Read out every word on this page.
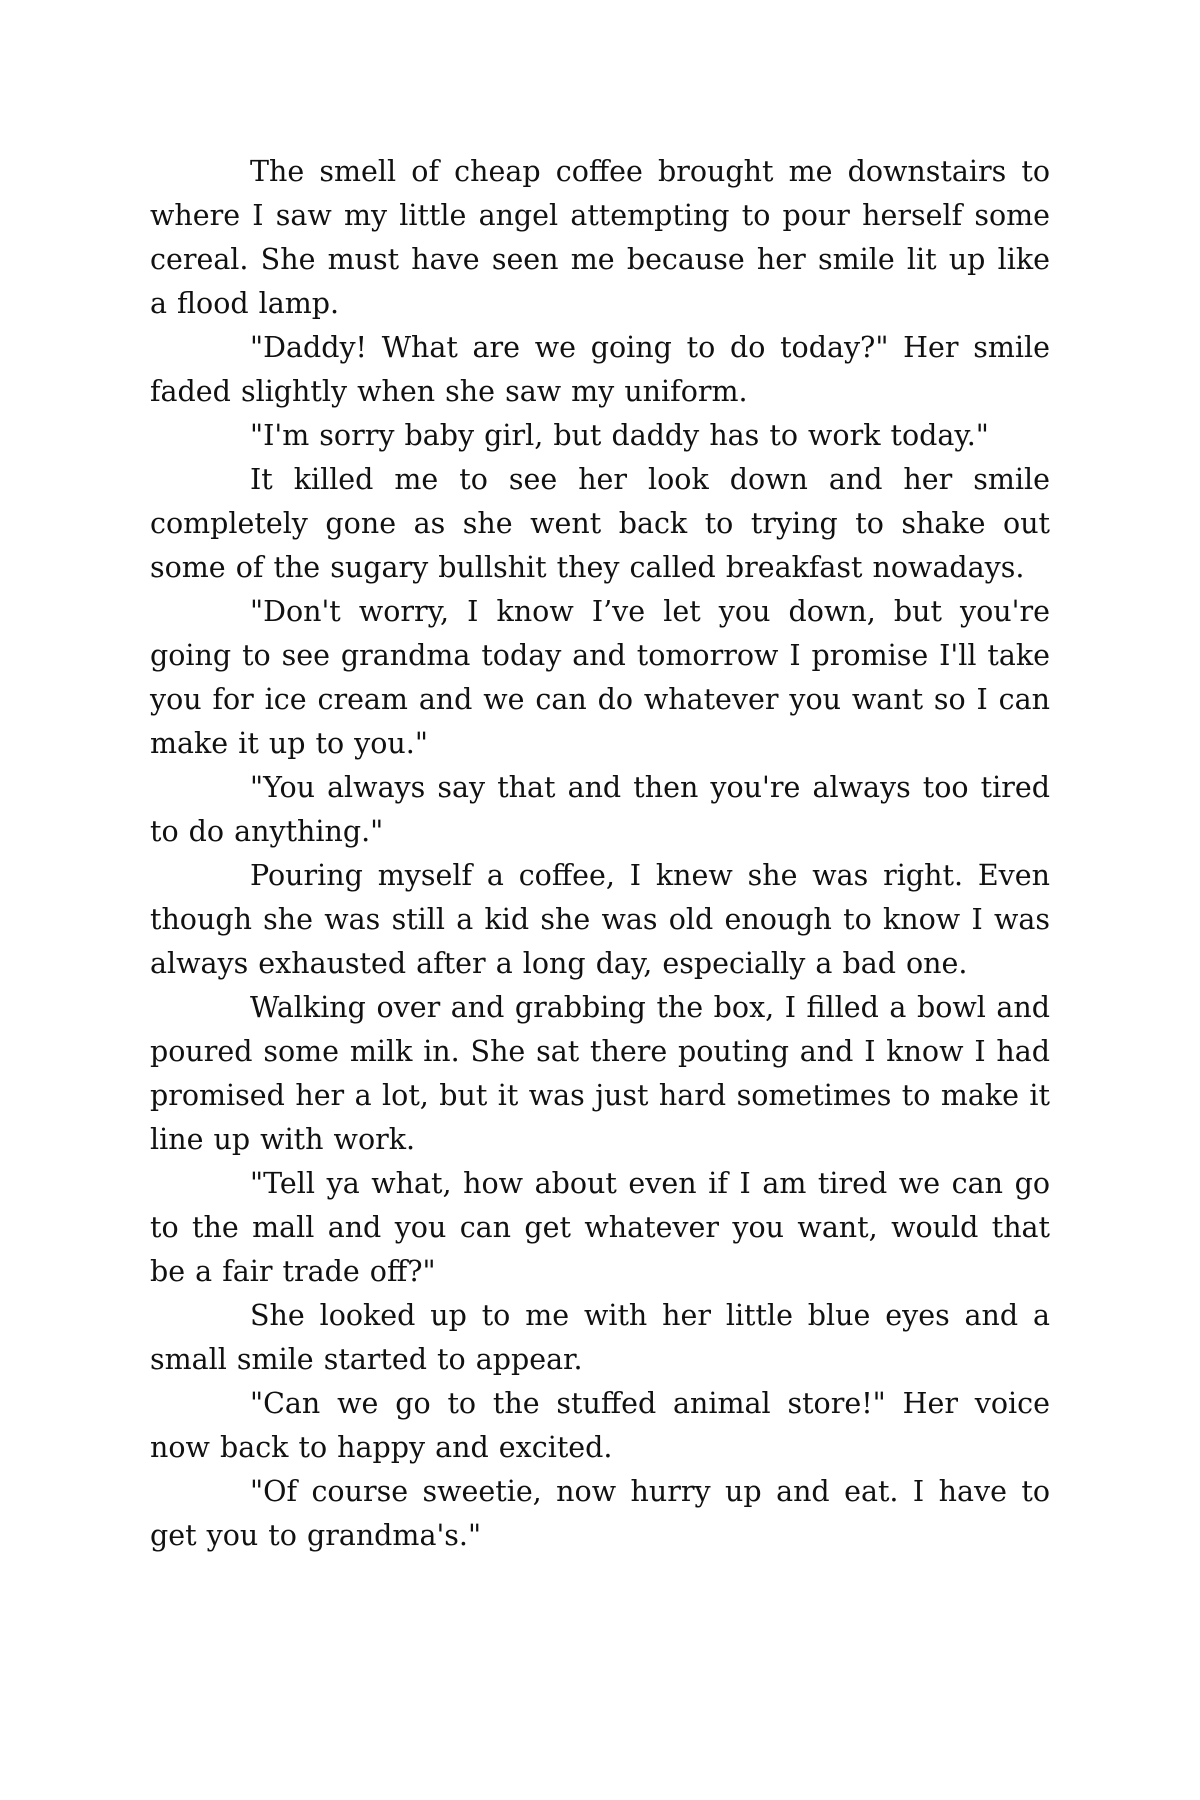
The smell of cheap coffee brought me downstairs to where I saw my little angel attempting to pour herself some cereal. She must have seen me because her smile lit up like a flood lamp.

"Daddy! What are we going to do today?" Her smile faded slightly when she saw my uniform.

"I'm sorry baby girl, but daddy has to work today."

It killed me to see her look down and her smile completely gone as she went back to trying to shake out some of the sugary bullshit they called breakfast nowadays.

"Don't worry, I know I’ve let you down, but you're going to see grandma today and tomorrow I promise I'll take you for ice cream and we can do whatever you want so I can make it up to you."

"You always say that and then you're always too tired to do anything."

Pouring myself a coffee, I knew she was right. Even though she was still a kid she was old enough to know I was always exhausted after a long day, especially a bad one.

Walking over and grabbing the box, I filled a bowl and poured some milk in. She sat there pouting and I know I had promised her a lot, but it was just hard sometimes to make it line up with work.

"Tell ya what, how about even if I am tired we can go to the mall and you can get whatever you want, would that be a fair trade off?"

She looked up to me with her little blue eyes and a small smile started to appear.

"Can we go to the stuffed animal store!" Her voice now back to happy and excited.

"Of course sweetie, now hurry up and eat. I have to get you to grandma's."
